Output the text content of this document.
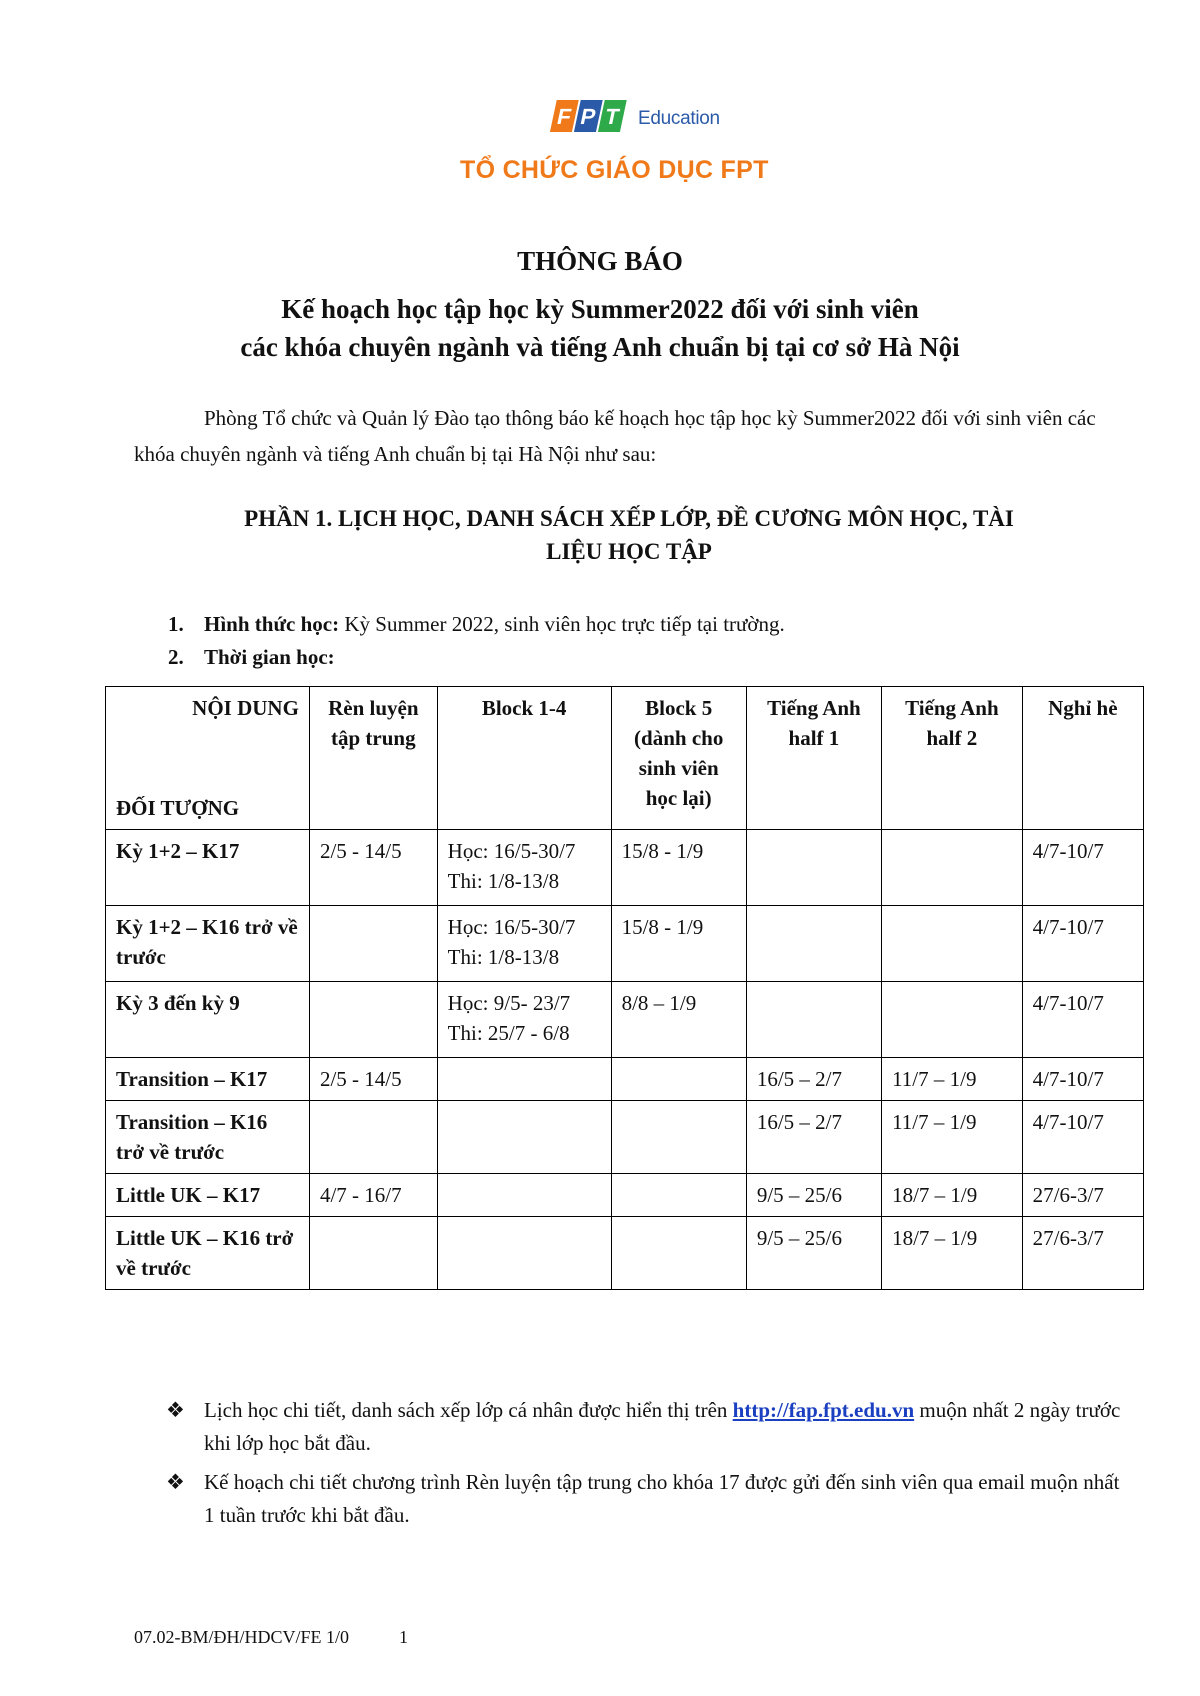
F P T Education
TỔ CHỨC GIÁO DỤC FPT
THÔNG BÁO
Kế hoạch học tập học kỳ Summer2022 đối với sinh viên
các khóa chuyên ngành và tiếng Anh chuẩn bị tại cơ sở Hà Nội
Phòng Tổ chức và Quản lý Đào tạo thông báo kế hoạch học tập học kỳ Summer2022 đối với sinh viên các khóa chuyên ngành và tiếng Anh chuẩn bị tại Hà Nội như sau:
PHẦN 1. LỊCH HỌC, DANH SÁCH XẾP LỚP, ĐỀ CƯƠNG MÔN HỌC, TÀI
LIỆU HỌC TẬP
1. Hình thức học: Kỳ Summer 2022, sinh viên học trực tiếp tại trường.
2. Thời gian học:
NỘI DUNG
ĐỐI TƯỢNG	Rèn luyện tập trung	Block 1-4	Block 5 (dành cho sinh viên học lại)	Tiếng Anh half 1	Tiếng Anh half 2	Nghỉ hè
Kỳ 1+2 – K17	2/5 - 14/5	Học: 16/5-30/7
Thi: 1/8-13/8	15/8 - 1/9			4/7-10/7

Kỳ 1+2 – K16 trở về trước		Học: 16/5-30/7
Thi: 1/8-13/8	15/8 - 1/9			4/7-10/7

Kỳ 3 đến kỳ 9		Học: 9/5- 23/7
Thi: 25/7 - 6/8	8/8 – 1/9			4/7-10/7

Transition – K17	2/5 - 14/5			16/5 – 2/7	11/7 – 1/9	4/7-10/7

Transition – K16 trở về trước				16/5 – 2/7	11/7 – 1/9	4/7-10/7

Little UK – K17	4/7 - 16/7			9/5 – 25/6	18/7 – 1/9	27/6-3/7

Little UK – K16 trở về trước				9/5 – 25/6	18/7 – 1/9	27/6-3/7
❖ Lịch học chi tiết, danh sách xếp lớp cá nhân được hiển thị trên http://fap.fpt.edu.vn muộn nhất 2 ngày trước khi lớp học bắt đầu.
❖ Kế hoạch chi tiết chương trình Rèn luyện tập trung cho khóa 17 được gửi đến sinh viên qua email muộn nhất 1 tuần trước khi bắt đầu.
07.02-BM/ĐH/HDCV/FE 1/0	1
